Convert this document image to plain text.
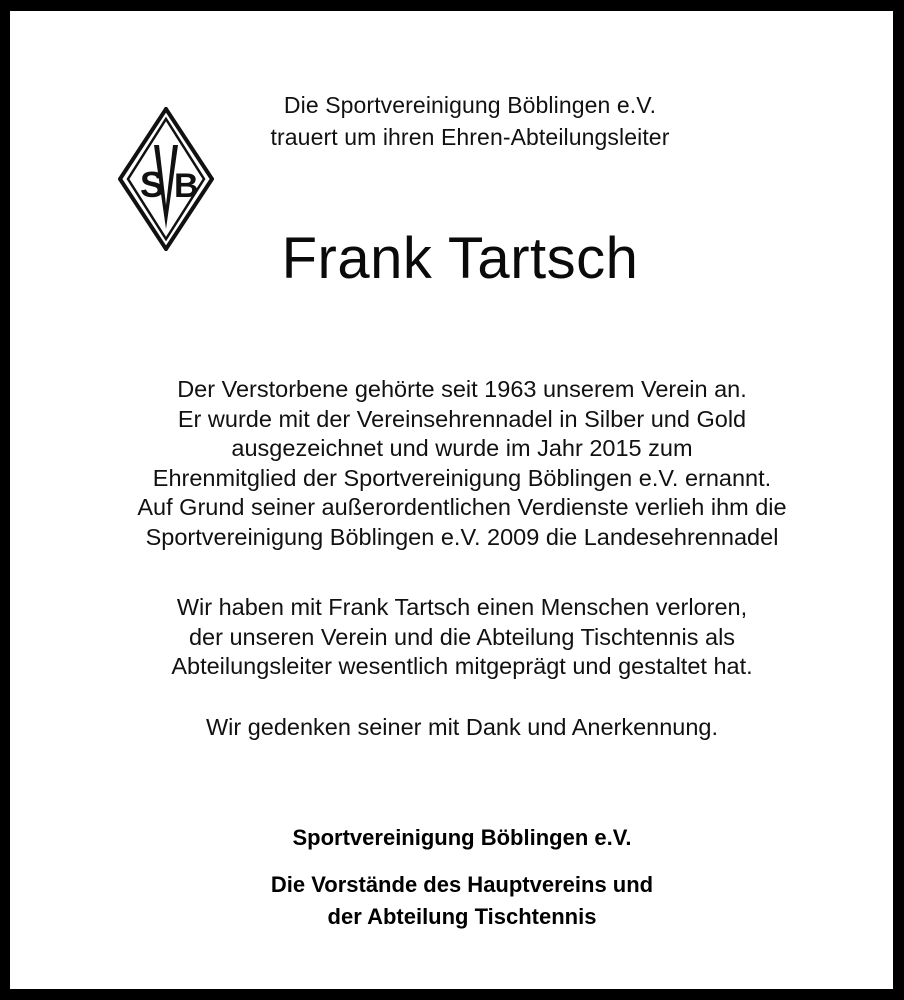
S B
Die Sportvereinigung Böblingen e.V.
trauert um ihren Ehren-Abteilungsleiter
Frank Tartsch
Der Verstorbene gehörte seit 1963 unserem Verein an.
Er wurde mit der Vereinsehrennadel in Silber und Gold
ausgezeichnet und wurde im Jahr 2015 zum
Ehrenmitglied der Sportvereinigung Böblingen e.V. ernannt.
Auf Grund seiner außerordentlichen Verdienste verlieh ihm die
Sportvereinigung Böblingen e.V. 2009 die Landesehrennadel
Wir haben mit Frank Tartsch einen Menschen verloren,
der unseren Verein und die Abteilung Tischtennis als
Abteilungsleiter wesentlich mitgeprägt und gestaltet hat.
Wir gedenken seiner mit Dank und Anerkennung.
Sportvereinigung Böblingen e.V.
Die Vorstände des Hauptvereins und
der Abteilung Tischtennis
